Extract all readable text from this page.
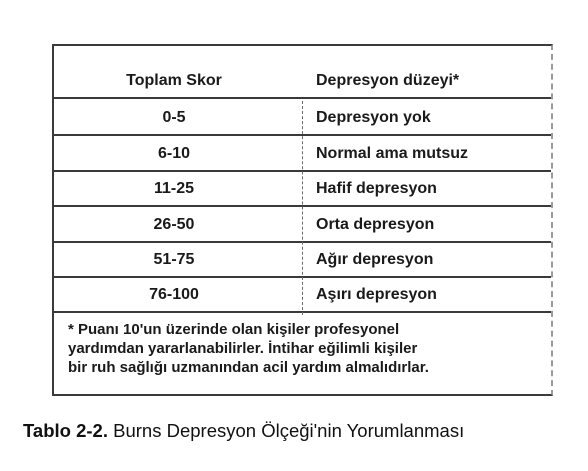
Toplam Skor	Depresyon düzeyi*
0-5	Depresyon yok
6-10	Normal ama mutsuz
11-25	Hafif depresyon
26-50	Orta depresyon
51-75	Ağır depresyon
76-100	Aşırı depresyon

* Puanı 10'un üzerinde olan kişiler profesyonel
yardımdan yararlanabilirler. İntihar eğilimli kişiler
bir ruh sağlığı uzmanından acil yardım almalıdırlar.

Tablo 2-2. Burns Depresyon Ölçeği'nin Yorumlanması
